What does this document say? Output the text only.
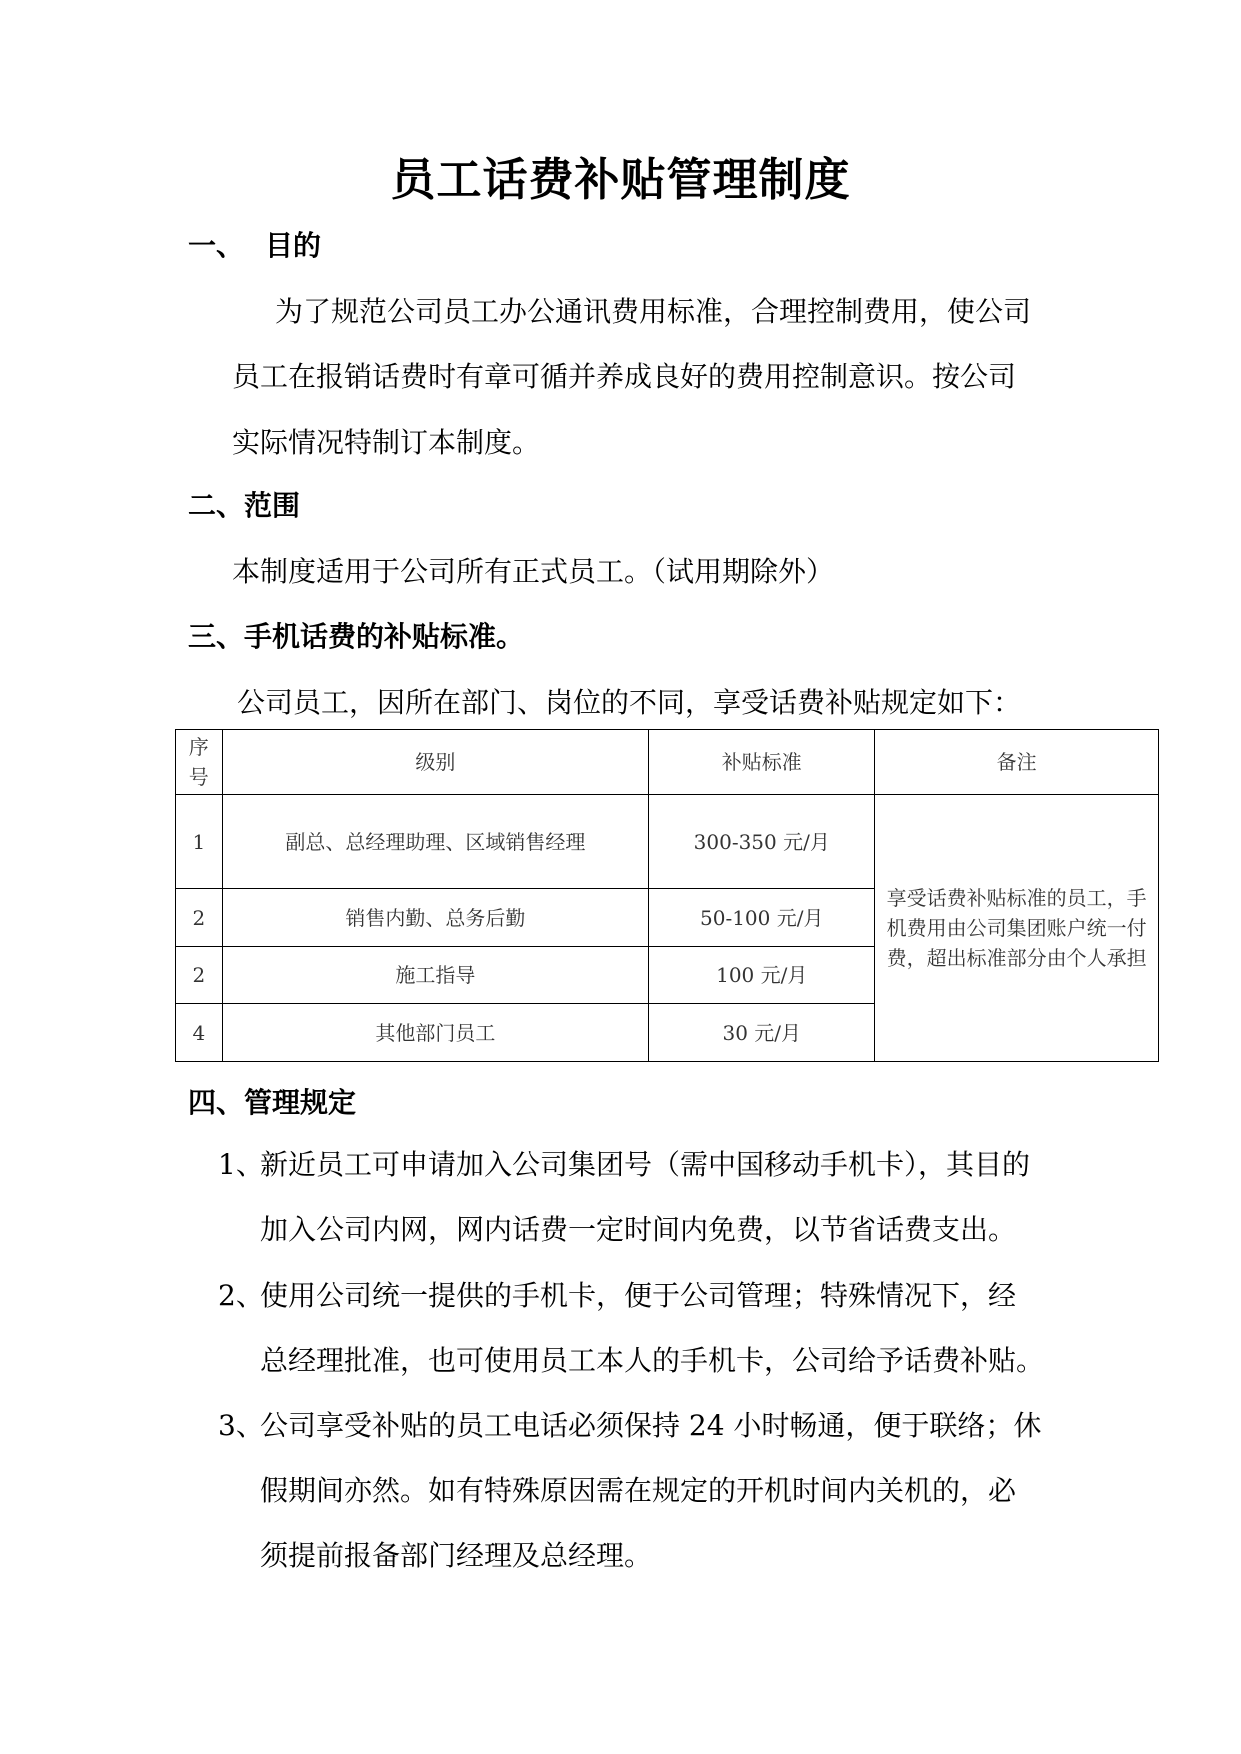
员工话费补贴管理制度
一、 目的
为了规范公司员工办公通讯费用标准，合理控制费用，使公司
员工在报销话费时有章可循并养成良好的费用控制意识。按公司
实际情况特制订本制度。
二、范围
本制度适用于公司所有正式员工。（试用期除外）
三、手机话费的补贴标准。
公司员工，因所在部门、岗位的不同，享受话费补贴规定如下：
序号	级别	补贴标准	备注
1	副总、总经理助理、区域销售经理	300-350 元/月	享受话费补贴标准的员工，手机费用由公司集团账户统一付费，超出标准部分由个人承担
2	销售内勤、总务后勤	50-100 元/月	
2	施工指导	100 元/月	
4	其他部门员工	30 元/月	
四、管理规定
1、
新近员工可申请加入公司集团号（需中国移动手机卡），其目的
加入公司内网，网内话费一定时间内免费，以节省话费支出。
2、
使用公司统一提供的手机卡，便于公司管理；特殊情况下，经
总经理批准，也可使用员工本人的手机卡，公司给予话费补贴。
3、
公司享受补贴的员工电话必须保持 24 小时畅通，便于联络；休
假期间亦然。如有特殊原因需在规定的开机时间内关机的，必
须提前报备部门经理及总经理。
